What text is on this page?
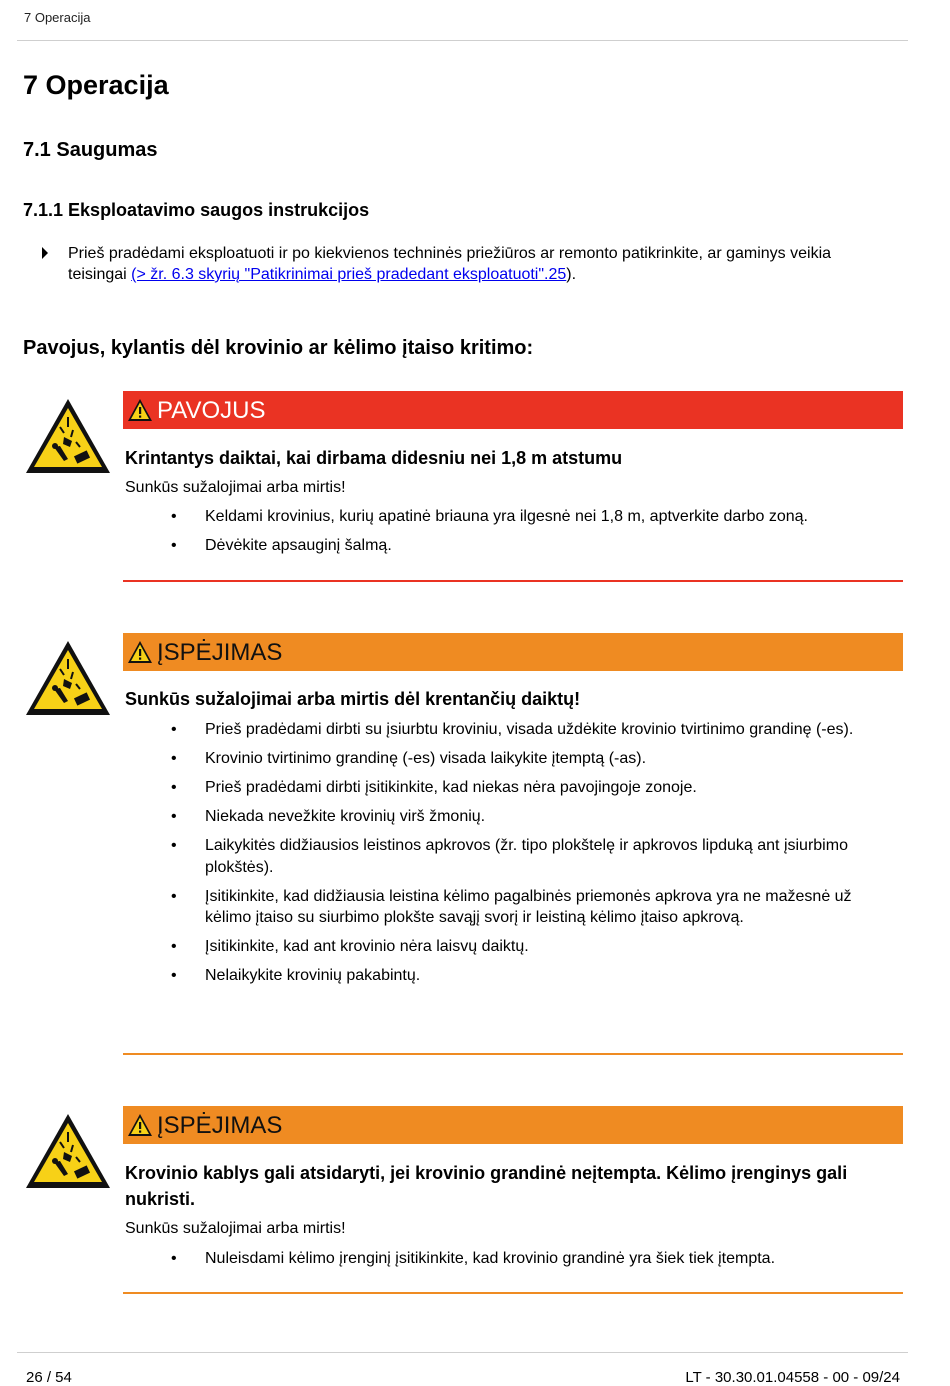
7 Operacija
7 Operacija
7.1 Saugumas
7.1.1 Eksploatavimo saugos instrukcijos
Prieš pradėdami eksploatuoti ir po kiekvienos techninės priežiūros ar remonto patikrinkite, ar gaminys veikia teisingai (> žr. 6.3 skyrių "Patikrinimai prieš pradedant eksploatuoti".25).
Pavojus, kylantis dėl krovinio ar kėlimo įtaiso kritimo:
PAVOJUS
Krintantys daiktai, kai dirbama didesniu nei 1,8 m atstumu
Sunkūs sužalojimai arba mirtis!
• Keldami krovinius, kurių apatinė briauna yra ilgesnė nei 1,8 m, aptverkite darbo zoną.
• Dėvėkite apsauginį šalmą.
ĮSPĖJIMAS
Sunkūs sužalojimai arba mirtis dėl krentančių daiktų!
• Prieš pradėdami dirbti su įsiurbtu kroviniu, visada uždėkite krovinio tvirtinimo grandinę (-es).
• Krovinio tvirtinimo grandinę (-es) visada laikykite įtemptą (-as).
• Prieš pradėdami dirbti įsitikinkite, kad niekas nėra pavojingoje zonoje.
• Niekada nevežkite krovinių virš žmonių.
• Laikykitės didžiausios leistinos apkrovos (žr. tipo plokštelę ir apkrovos lipduką ant įsiurbimo plokštės).
• Įsitikinkite, kad didžiausia leistina kėlimo pagalbinės priemonės apkrova yra ne mažesnė už kėlimo įtaiso su siurbimo plokšte savąjį svorį ir leistiną kėlimo įtaiso apkrovą.
• Įsitikinkite, kad ant krovinio nėra laisvų daiktų.
• Nelaikykite krovinių pakabintų.
ĮSPĖJIMAS
Krovinio kablys gali atsidaryti, jei krovinio grandinė neįtempta. Kėlimo įrenginys gali nukristi.
Sunkūs sužalojimai arba mirtis!
• Nuleisdami kėlimo įrenginį įsitikinkite, kad krovinio grandinė yra šiek tiek įtempta.
26 / 54	LT - 30.30.01.04558 - 00 - 09/24
